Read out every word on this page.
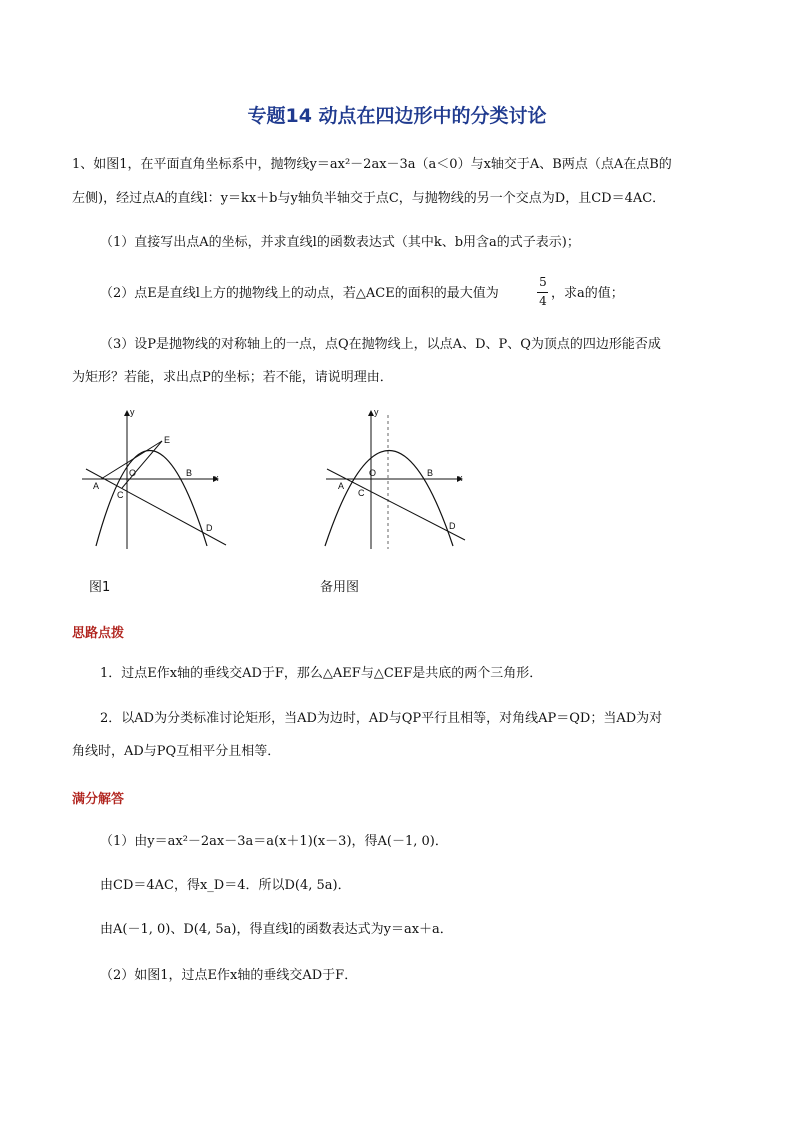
专题14 动点在四边形中的分类讨论
1、如图1，在平面直角坐标系中，抛物线y＝ax²－2ax－3a（a＜0）与x轴交于A、B两点（点A在点B的
左侧)，经过点A的直线l：y＝kx＋b与y轴负半轴交于点C，与抛物线的另一个交点为D，且CD＝4AC．
（1）直接写出点A的坐标，并求直线l的函数表达式（其中k、b用含a的式子表示)；
（2）点E是直线l上方的抛物线上的动点，若△ACE的面积的最大值为
5
4 ，求a的值；
（3）设P是抛物线的对称轴上的一点，点Q在抛物线上，以点A、D、P、Q为顶点的四边形能否成
为矩形？若能，求出点P的坐标；若不能，请说明理由．
y
x
O
A
B
C
D
E
图1
y
x
O
A
B
C
D
备用图
思路点拨
1．过点E作x轴的垂线交AD于F，那么△AEF与△CEF是共底的两个三角形．
2．以AD为分类标准讨论矩形，当AD为边时，AD与QP平行且相等，对角线AP＝QD；当AD为对
角线时，AD与PQ互相平分且相等．
满分解答
（1）由y＝ax²－2ax－3a＝a(x＋1)(x－3)，得A(－1, 0)．
由CD＝4AC，得x_D＝4．所以D(4, 5a)．
由A(－1, 0)、D(4, 5a)，得直线l的函数表达式为y＝ax＋a．
（2）如图1，过点E作x轴的垂线交AD于F．
